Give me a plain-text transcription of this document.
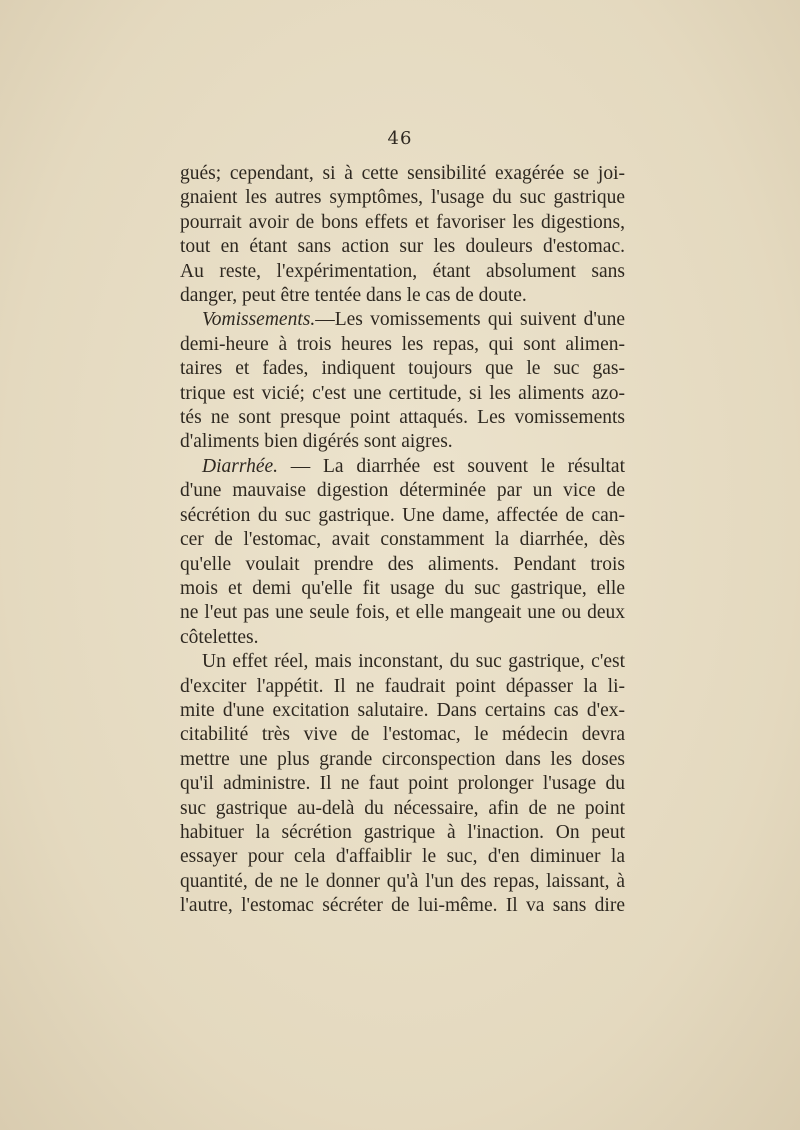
46

gués; cependant, si à cette sensibilité exagérée se joi-
gnaient les autres symptômes, l'usage du suc gastrique
pourrait avoir de bons effets et favoriser les digestions,
tout en étant sans action sur les douleurs d'estomac.
Au reste, l'expérimentation, étant absolument sans
danger, peut être tentée dans le cas de doute.

Vomissements.—Les vomissements qui suivent d'une
demi-heure à trois heures les repas, qui sont alimen-
taires et fades, indiquent toujours que le suc gas-
trique est vicié; c'est une certitude, si les aliments azo-
tés ne sont presque point attaqués. Les vomissements
d'aliments bien digérés sont aigres.

Diarrhée. — La diarrhée est souvent le résultat
d'une mauvaise digestion déterminée par un vice de
sécrétion du suc gastrique. Une dame, affectée de can-
cer de l'estomac, avait constamment la diarrhée, dès
qu'elle voulait prendre des aliments. Pendant trois
mois et demi qu'elle fit usage du suc gastrique, elle
ne l'eut pas une seule fois, et elle mangeait une ou deux
côtelettes.

Un effet réel, mais inconstant, du suc gastrique, c'est
d'exciter l'appétit. Il ne faudrait point dépasser la li-
mite d'une excitation salutaire. Dans certains cas d'ex-
citabilité très vive de l'estomac, le médecin devra
mettre une plus grande circonspection dans les doses
qu'il administre. Il ne faut point prolonger l'usage du
suc gastrique au-delà du nécessaire, afin de ne point
habituer la sécrétion gastrique à l'inaction. On peut
essayer pour cela d'affaiblir le suc, d'en diminuer la
quantité, de ne le donner qu'à l'un des repas, laissant, à
l'autre, l'estomac sécréter de lui-même. Il va sans dire
